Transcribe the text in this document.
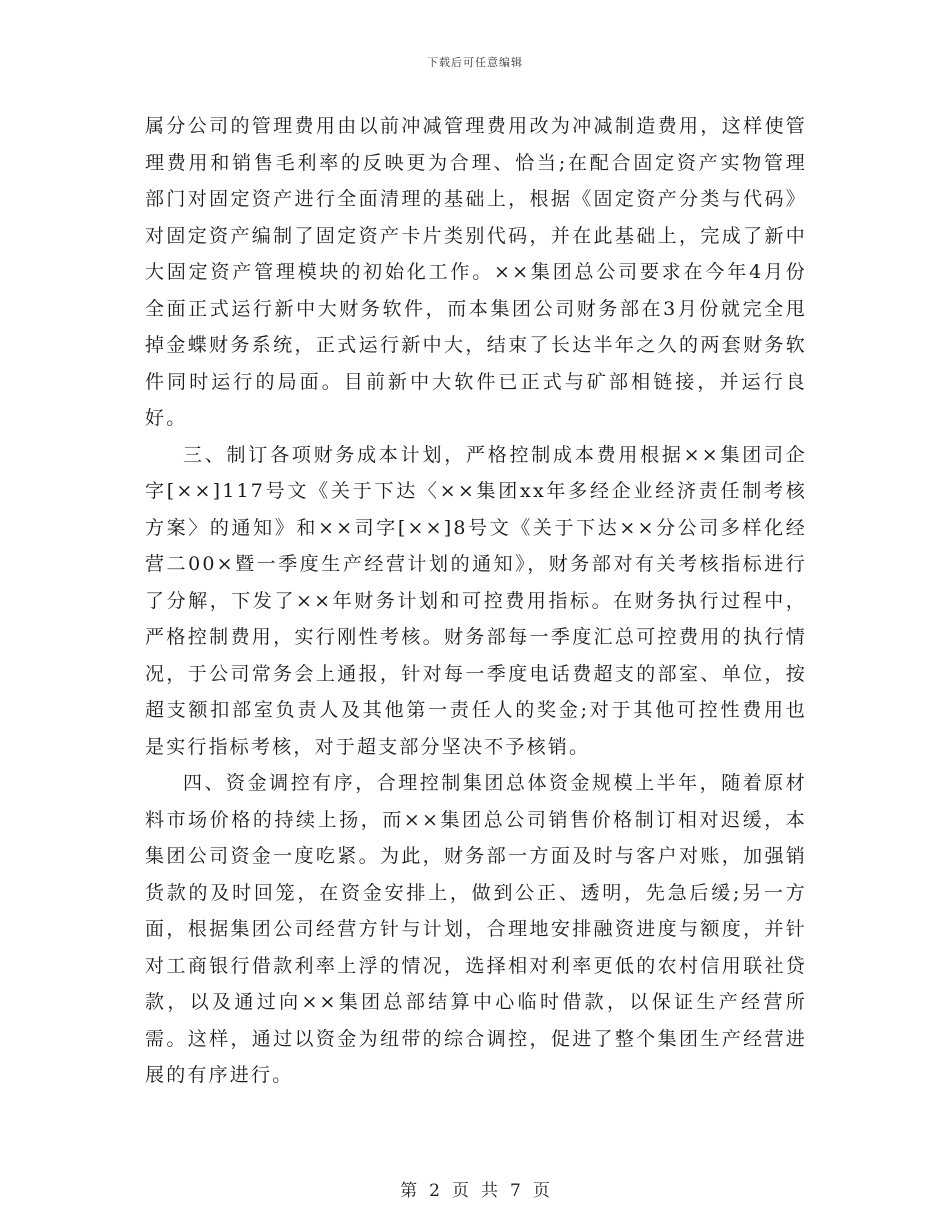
下载后可任意编辑

属分公司的管理费用由以前冲减管理费用改为冲减制造费用，这样使管理费用和销售毛利率的反映更为合理、恰当;在配合固定资产实物管理部门对固定资产进行全面清理的基础上，根据《固定资产分类与代码》对固定资产编制了固定资产卡片类别代码，并在此基础上，完成了新中大固定资产管理模块的初始化工作。××集团总公司要求在今年4月份全面正式运行新中大财务软件，而本集团公司财务部在3月份就完全甩掉金蝶财务系统，正式运行新中大，结束了长达半年之久的两套财务软件同时运行的局面。目前新中大软件已正式与矿部相链接，并运行良好。

三、制订各项财务成本计划，严格控制成本费用根据××集团司企字[××]117号文《关于下达〈××集团xx年多经企业经济责任制考核方案〉的通知》和××司字[××]8号文《关于下达××分公司多样化经营二00×暨一季度生产经营计划的通知》，财务部对有关考核指标进行了分解，下发了××年财务计划和可控费用指标。在财务执行过程中，严格控制费用，实行刚性考核。财务部每一季度汇总可控费用的执行情况，于公司常务会上通报，针对每一季度电话费超支的部室、单位，按超支额扣部室负责人及其他第一责任人的奖金;对于其他可控性费用也是实行指标考核，对于超支部分坚决不予核销。

四、资金调控有序，合理控制集团总体资金规模上半年，随着原材料市场价格的持续上扬，而××集团总公司销售价格制订相对迟缓，本集团公司资金一度吃紧。为此，财务部一方面及时与客户对账，加强销货款的及时回笼，在资金安排上，做到公正、透明，先急后缓;另一方面，根据集团公司经营方针与计划，合理地安排融资进度与额度，并针对工商银行借款利率上浮的情况，选择相对利率更低的农村信用联社贷款，以及通过向××集团总部结算中心临时借款，以保证生产经营所需。这样，通过以资金为纽带的综合调控，促进了整个集团生产经营进展的有序进行。

第 2 页 共 7 页
